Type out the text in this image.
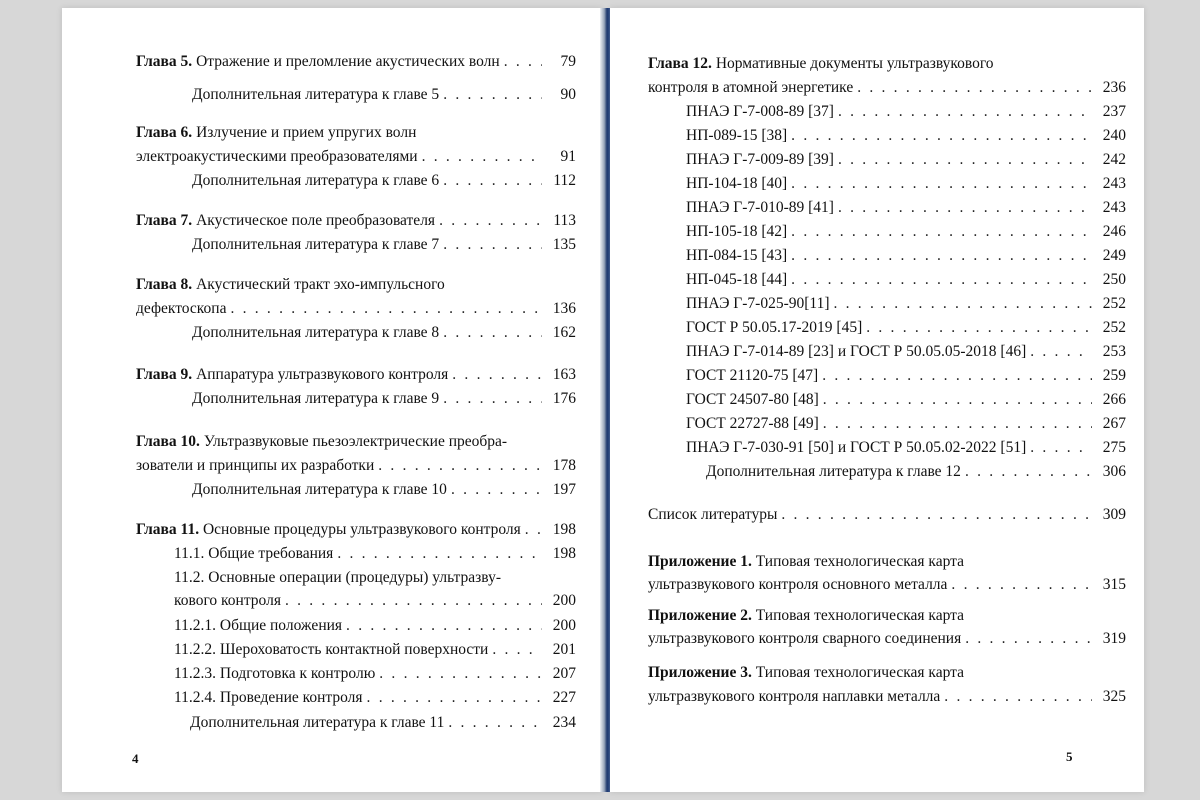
Глава 5. Отражение и преломление акустических волн . . .	79
Дополнительная литература к главе 5 . . .	90
Глава 6. Излучение и прием упругих волн
электроакустическими преобразователями . . .	91
Дополнительная литература к главе 6 . . .	112
Глава 7. Акустическое поле преобразователя . . .	113
Дополнительная литература к главе 7 . . .	135
Глава 8. Акустический тракт эхо-импульсного
дефектоскопа . . .	136
Дополнительная литература к главе 8 . . .	162
Глава 9. Аппаратура ультразвукового контроля . . .	163
Дополнительная литература к главе 9 . . .	176
Глава 10. Ультразвуковые пьезоэлектрические преобра-
зователи и принципы их разработки . . .	178
Дополнительная литература к главе 10 . . .	197
Глава 11. Основные процедуры ультразвукового контроля . . .	198
11.1. Общие требования . . .	198
11.2. Основные операции (процедуры) ультразву-
кового контроля . . .	200
11.2.1. Общие положения . . .	200
11.2.2. Шероховатость контактной поверхности . . .	201
11.2.3. Подготовка к контролю . . .	207
11.2.4. Проведение контроля . . .	227
Дополнительная литература к главе 11 . . .	234
4
Глава 12. Нормативные документы ультразвукового
контроля в атомной энергетике . . .	236
ПНАЭ Г-7-008-89 [37] . . .	237
НП-089-15 [38] . . .	240
ПНАЭ Г-7-009-89 [39] . . .	242
НП-104-18 [40] . . .	243
ПНАЭ Г-7-010-89 [41] . . .	243
НП-105-18 [42] . . .	246
НП-084-15 [43] . . .	249
НП-045-18 [44] . . .	250
ПНАЭ Г-7-025-90[11] . . .	252
ГОСТ Р 50.05.17-2019 [45] . . .	252
ПНАЭ Г-7-014-89 [23] и ГОСТ Р 50.05.05-2018 [46] . . .	253
ГОСТ 21120-75 [47] . . .	259
ГОСТ 24507-80 [48] . . .	266
ГОСТ 22727-88 [49] . . .	267
ПНАЭ Г-7-030-91 [50] и ГОСТ Р 50.05.02-2022 [51] . . .	275
Дополнительная литература к главе 12 . . .	306
Список литературы . . .	309
Приложение 1. Типовая технологическая карта
ультразвукового контроля основного металла . . .	315
Приложение 2. Типовая технологическая карта
ультразвукового контроля сварного соединения . . .	319
Приложение 3. Типовая технологическая карта
ультразвукового контроля наплавки металла . . .	325
5
